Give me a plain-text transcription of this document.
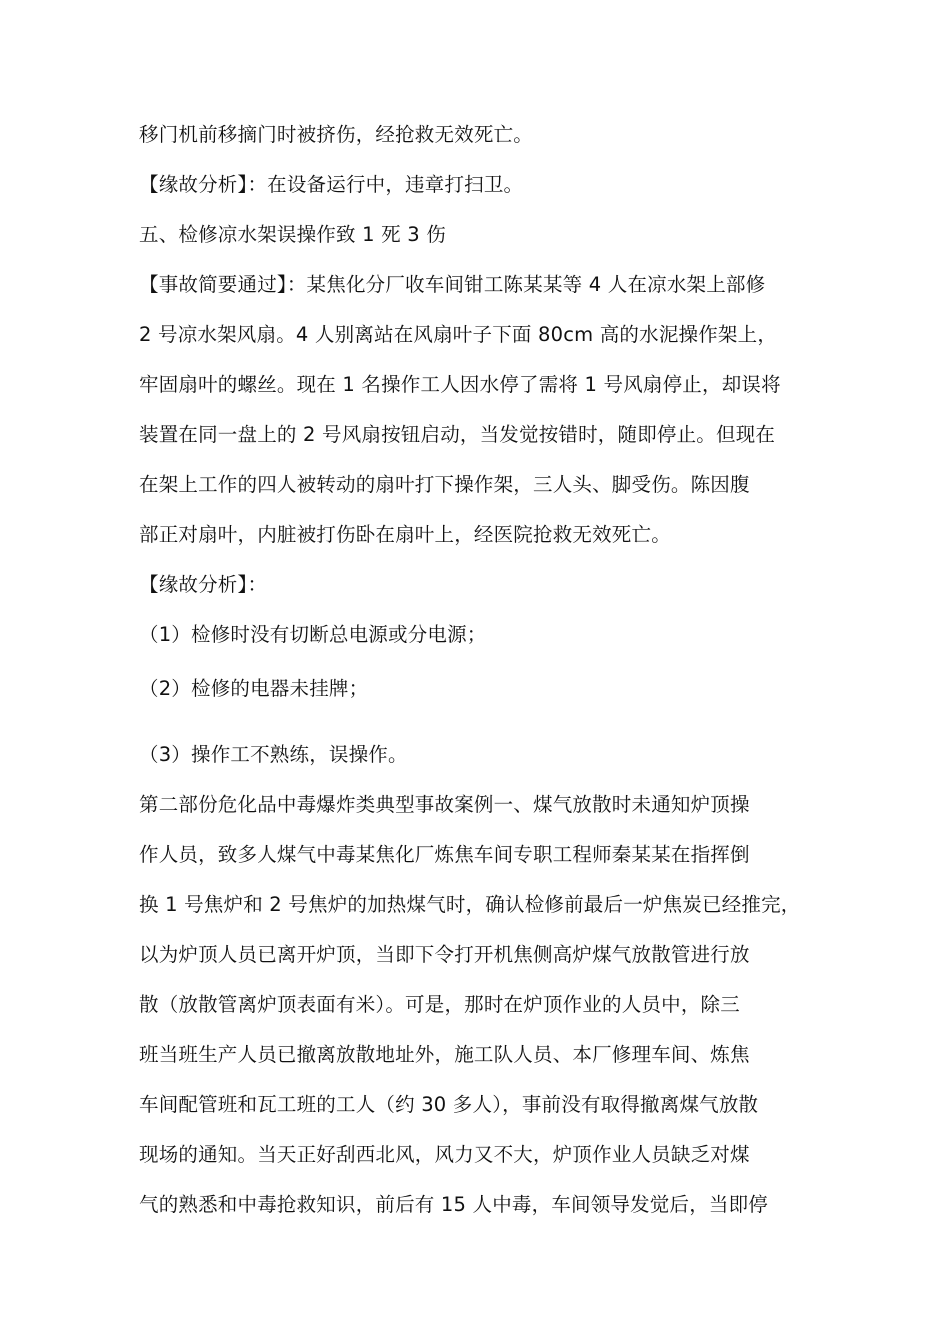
移门机前移摘门时被挤伤，经抢救无效死亡。
【缘故分析】：在设备运行中，违章打扫卫。
五、检修凉水架误操作致 1 死 3 伤
【事故简要通过】：某焦化分厂收车间钳工陈某某等 4 人在凉水架上部修
2 号凉水架风扇。4 人别离站在风扇叶子下面 80cm 高的水泥操作架上，
牢固扇叶的螺丝。现在 1 名操作工人因水停了需将 1 号风扇停止，却误将
装置在同一盘上的 2 号风扇按钮启动，当发觉按错时，随即停止。但现在
在架上工作的四人被转动的扇叶打下操作架，三人头、脚受伤。陈因腹
部正对扇叶，内脏被打伤卧在扇叶上，经医院抢救无效死亡。
【缘故分析】：
（1）检修时没有切断总电源或分电源；
（2）检修的电器未挂牌；
（3）操作工不熟练，误操作。
第二部份危化品中毒爆炸类典型事故案例一、煤气放散时未通知炉顶操
作人员，致多人煤气中毒某焦化厂炼焦车间专职工程师秦某某在指挥倒
换 1 号焦炉和 2 号焦炉的加热煤气时，确认检修前最后一炉焦炭已经推完，
以为炉顶人员已离开炉顶，当即下令打开机焦侧高炉煤气放散管进行放
散（放散管离炉顶表面有米）。可是，那时在炉顶作业的人员中，除三
班当班生产人员已撤离放散地址外，施工队人员、本厂修理车间、炼焦
车间配管班和瓦工班的工人（约 30 多人），事前没有取得撤离煤气放散
现场的通知。当天正好刮西北风，风力又不大，炉顶作业人员缺乏对煤
气的熟悉和中毒抢救知识，前后有 15 人中毒，车间领导发觉后，当即停
